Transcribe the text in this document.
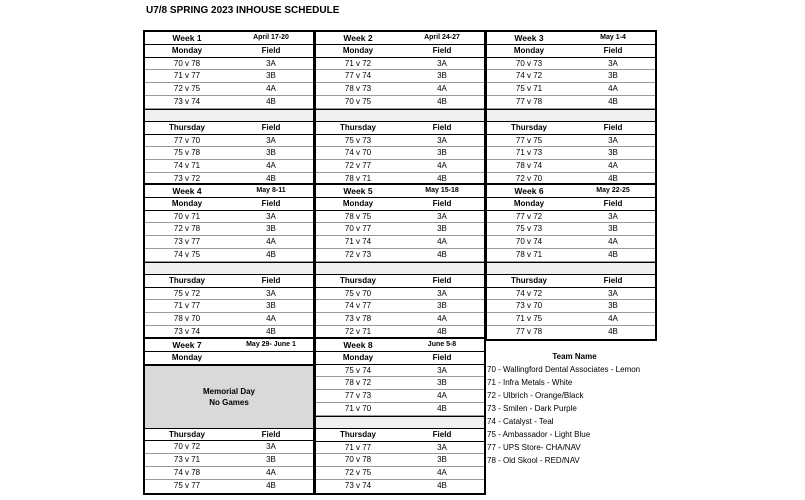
U7/8 SPRING 2023 INHOUSE SCHEDULE
Week 1	April 17-20
Monday	Field
70 v 78	3A
71 v 77	3B
72 v 75	4A
73 v 74	4B
Thursday	Field
77 v 70	3A
75 v 78	3B
74 v 71	4A
73 v 72	4B
Week 2	April 24-27
Monday	Field
71 v 72	3A
77 v 74	3B
78 v 73	4A
70 v 75	4B
Thursday	Field
75 v 73	3A
74 v 70	3B
72 v 77	4A
78 v 71	4B
Week 3	May 1-4
Monday	Field
70 v 73	3A
74 v 72	3B
75 v 71	4A
77 v 78	4B
Thursday	Field
77 v 75	3A
71 v 73	3B
78 v 74	4A
72 v 70	4B
Week 4	May 8-11
Monday	Field
70 v 71	3A
72 v 78	3B
73 v 77	4A
74 v 75	4B
Thursday	Field
75 v 72	3A
71 v 77	3B
78 v 70	4A
73 v 74	4B
Week 5	May 15-18
Monday	Field
78 v 75	3A
70 v 77	3B
71 v 74	4A
72 v 73	4B
Thursday	Field
75 v 70	3A
74 v 77	3B
73 v 78	4A
72 v 71	4B
Week 6	May 22-25
Monday	Field
77 v 72	3A
75 v 73	3B
70 v 74	4A
78 v 71	4B
Thursday	Field
74 v 72	3A
73 v 70	3B
71 v 75	4A
77 v 78	4B
Week 7	May 29- June 1
Monday
Memorial Day
No Games
Thursday	Field
70 v 72	3A
73 v 71	3B
74 v 78	4A
75 v 77	4B
Week 8	June 5-8
Monday	Field
75 v 74	3A
78 v 72	3B
77 v 73	4A
71 v 70	4B
Thursday	Field
71 v 77	3A
70 v 78	3B
72 v 75	4A
73 v 74	4B
Team Name
70 - Wallingford Dental Associates - Lemon
71 - Infra Metals - White
72 - Ulbrich - Orange/Black
73 - Smilen - Dark Purple
74 - Catalyst - Teal
75 - Ambassador - Light Blue
77 - UPS Store- CHA/NAV
78 - Old Skool - RED/NAV
